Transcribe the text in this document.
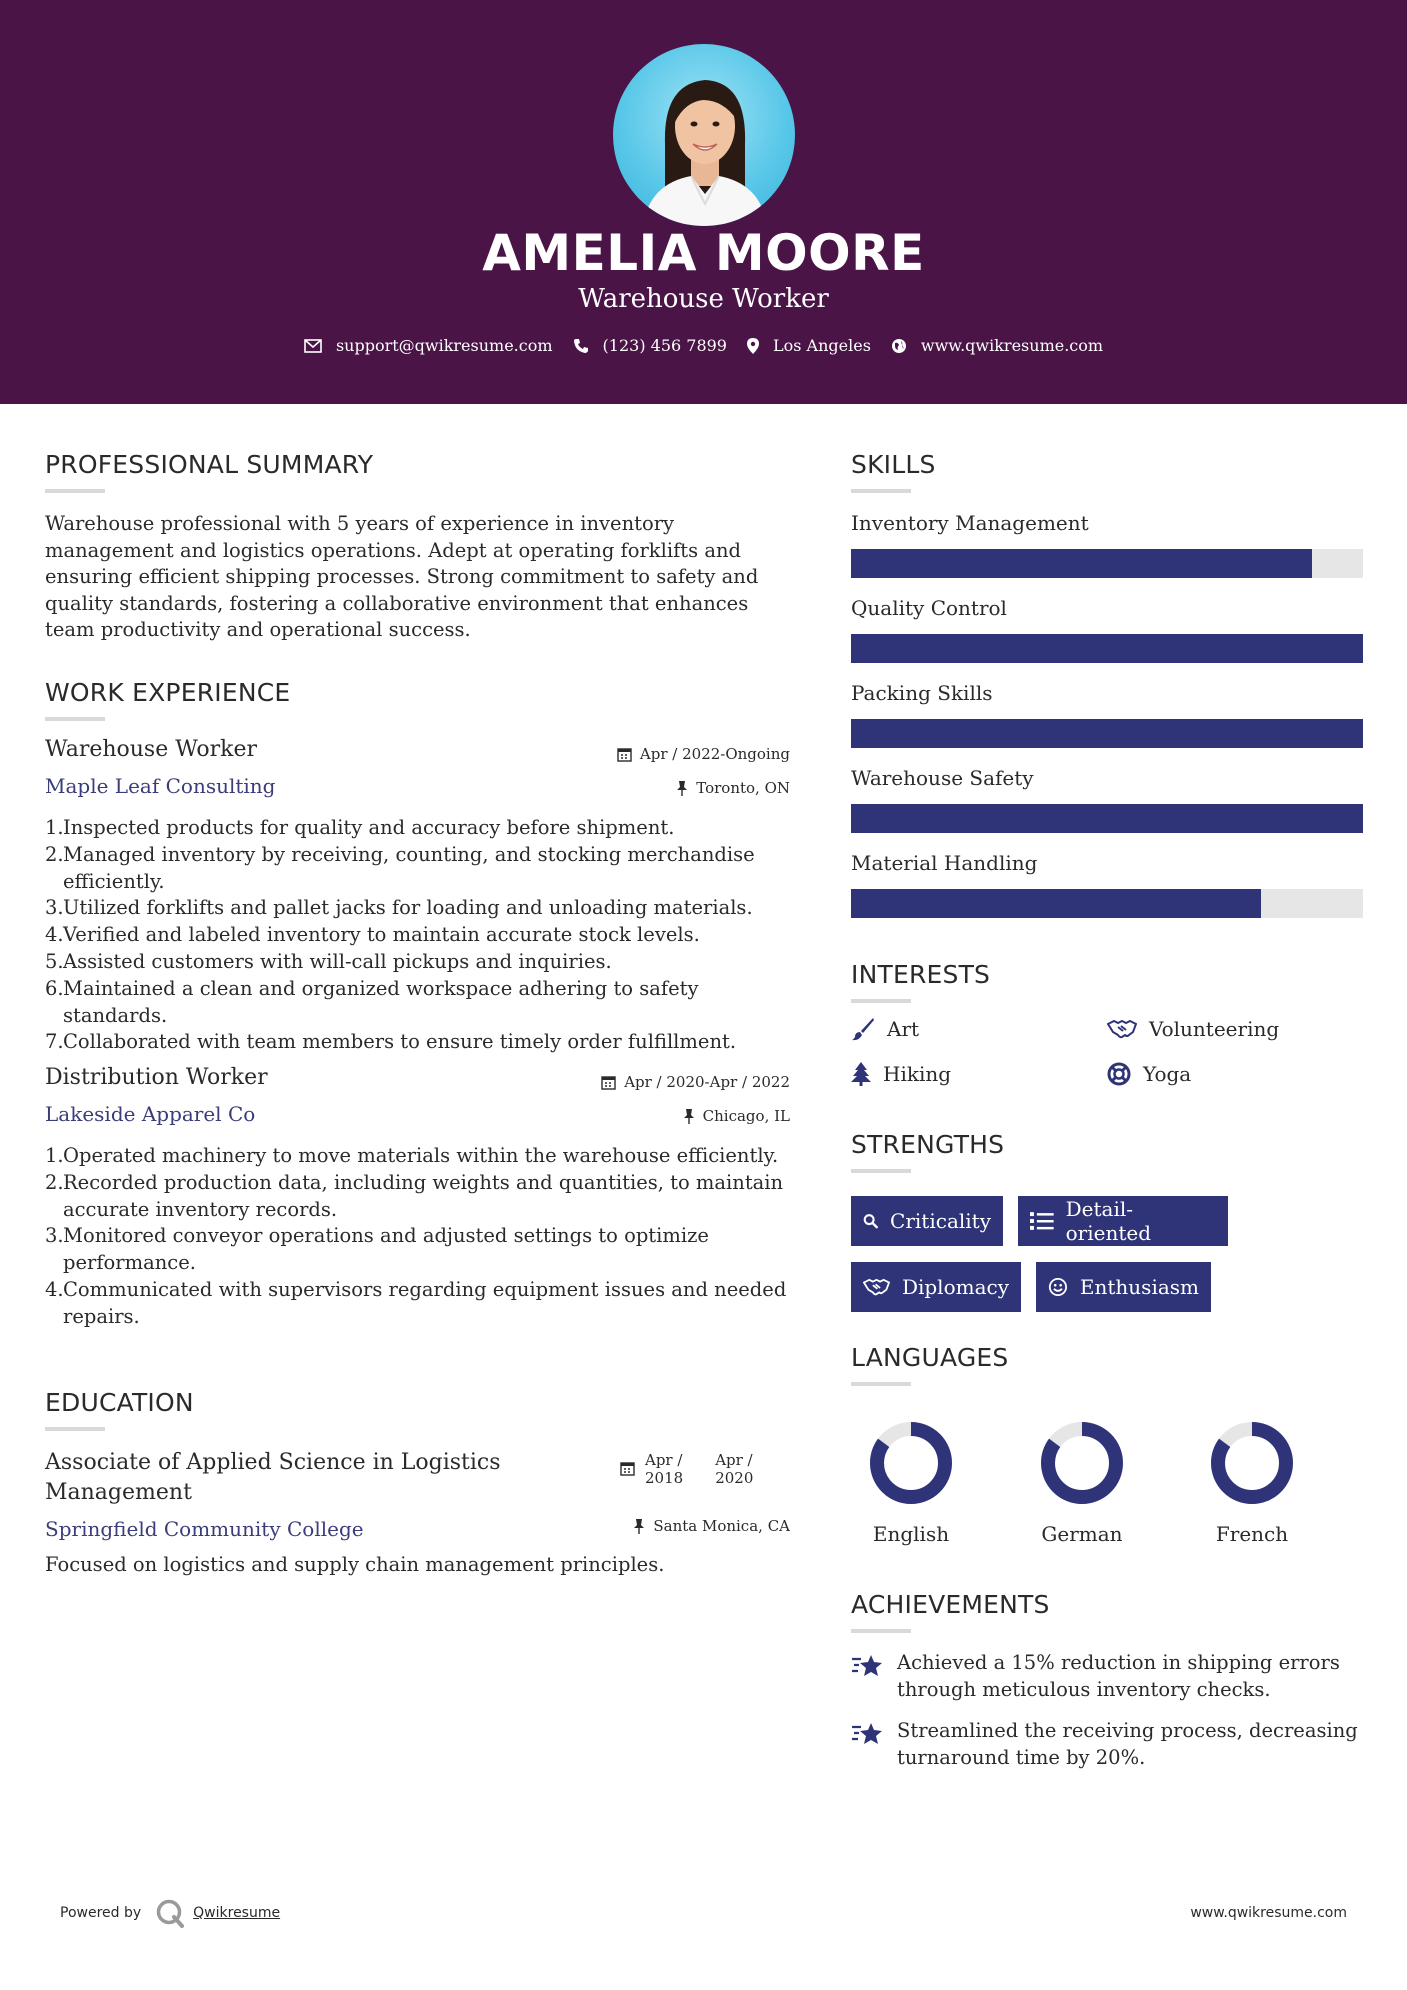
AMELIA MOORE
Warehouse Worker
support@qwikresume.com	(123) 456 7899	Los Angeles	www.qwikresume.com
PROFESSIONAL SUMMARY
Warehouse professional with 5 years of experience in inventory management and logistics operations. Adept at operating forklifts and ensuring efficient shipping processes. Strong commitment to safety and quality standards, fostering a collaborative environment that enhances team productivity and operational success.
WORK EXPERIENCE
Warehouse Worker	Apr / 2022-Ongoing
Maple Leaf Consulting	Toronto, ON
1. Inspected products for quality and accuracy before shipment.
2. Managed inventory by receiving, counting, and stocking merchandise efficiently.
3. Utilized forklifts and pallet jacks for loading and unloading materials.
4. Verified and labeled inventory to maintain accurate stock levels.
5. Assisted customers with will-call pickups and inquiries.
6. Maintained a clean and organized workspace adhering to safety standards.
7. Collaborated with team members to ensure timely order fulfillment.
Distribution Worker	Apr / 2020-Apr / 2022
Lakeside Apparel Co	Chicago, IL
1. Operated machinery to move materials within the warehouse efficiently.
2. Recorded production data, including weights and quantities, to maintain accurate inventory records.
3. Monitored conveyor operations and adjusted settings to optimize performance.
4. Communicated with supervisors regarding equipment issues and needed repairs.
EDUCATION
Associate of Applied Science in Logistics Management
Apr /
2018
Apr /
2020
Springfield Community College	Santa Monica, CA
Focused on logistics and supply chain management principles.
SKILLS
Inventory Management
Quality Control
Packing Skills
Warehouse Safety
Material Handling
INTERESTS
Art	Volunteering
Hiking	Yoga
STRENGTHS
Criticality	Detail-oriented
Diplomacy	Enthusiasm
LANGUAGES
English	German	French
ACHIEVEMENTS
Achieved a 15% reduction in shipping errors through meticulous inventory checks.
Streamlined the receiving process, decreasing turnaround time by 20%.
Powered by	Qwikresume	www.qwikresume.com
